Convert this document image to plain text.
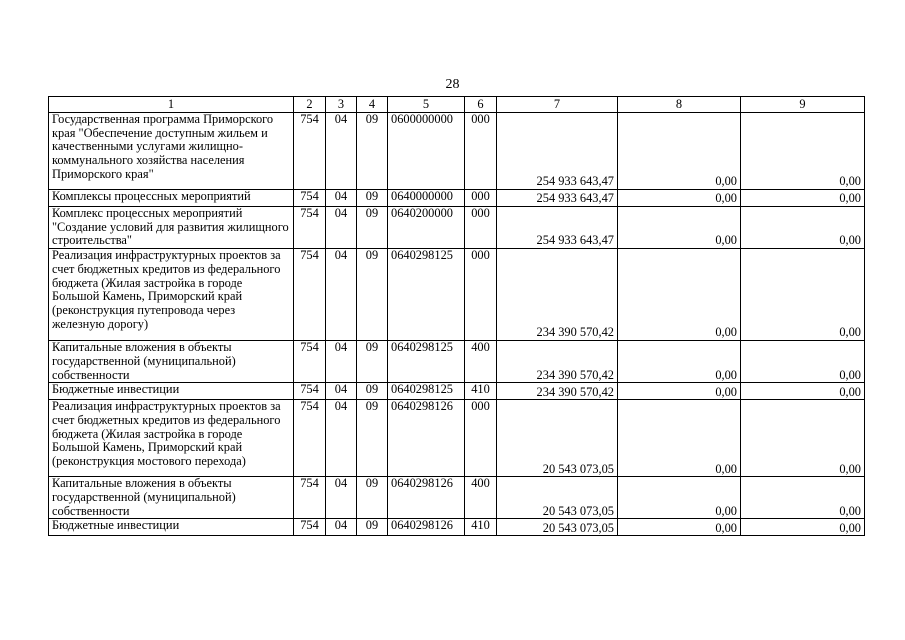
28
1	2	3	4	5	6	7	8	9
Государственная программа Приморского края "Обеспечение доступным жильем и качественными услугами жилищно-коммунального хозяйства населения Приморского края"	754	04	09	0600000000	000	254 933 643,47	0,00	0,00
Комплексы процессных мероприятий	754	04	09	0640000000	000	254 933 643,47	0,00	0,00
Комплекс процессных мероприятий "Создание условий для развития жилищного строительства"	754	04	09	0640200000	000	254 933 643,47	0,00	0,00
Реализация инфраструктурных проектов за счет бюджетных кредитов из федерального бюджета (Жилая застройка в городе Большой Камень, Приморский край (реконструкция путепровода через железную дорогу)	754	04	09	0640298125	000	234 390 570,42	0,00	0,00
Капитальные вложения в объекты государственной (муниципальной) собственности	754	04	09	0640298125	400	234 390 570,42	0,00	0,00
Бюджетные инвестиции	754	04	09	0640298125	410	234 390 570,42	0,00	0,00
Реализация инфраструктурных проектов за счет бюджетных кредитов из федерального бюджета (Жилая застройка в городе Большой Камень, Приморский край (реконструкция мостового перехода)	754	04	09	0640298126	000	20 543 073,05	0,00	0,00
Капитальные вложения в объекты государственной (муниципальной) собственности	754	04	09	0640298126	400	20 543 073,05	0,00	0,00
Бюджетные инвестиции	754	04	09	0640298126	410	20 543 073,05	0,00	0,00
